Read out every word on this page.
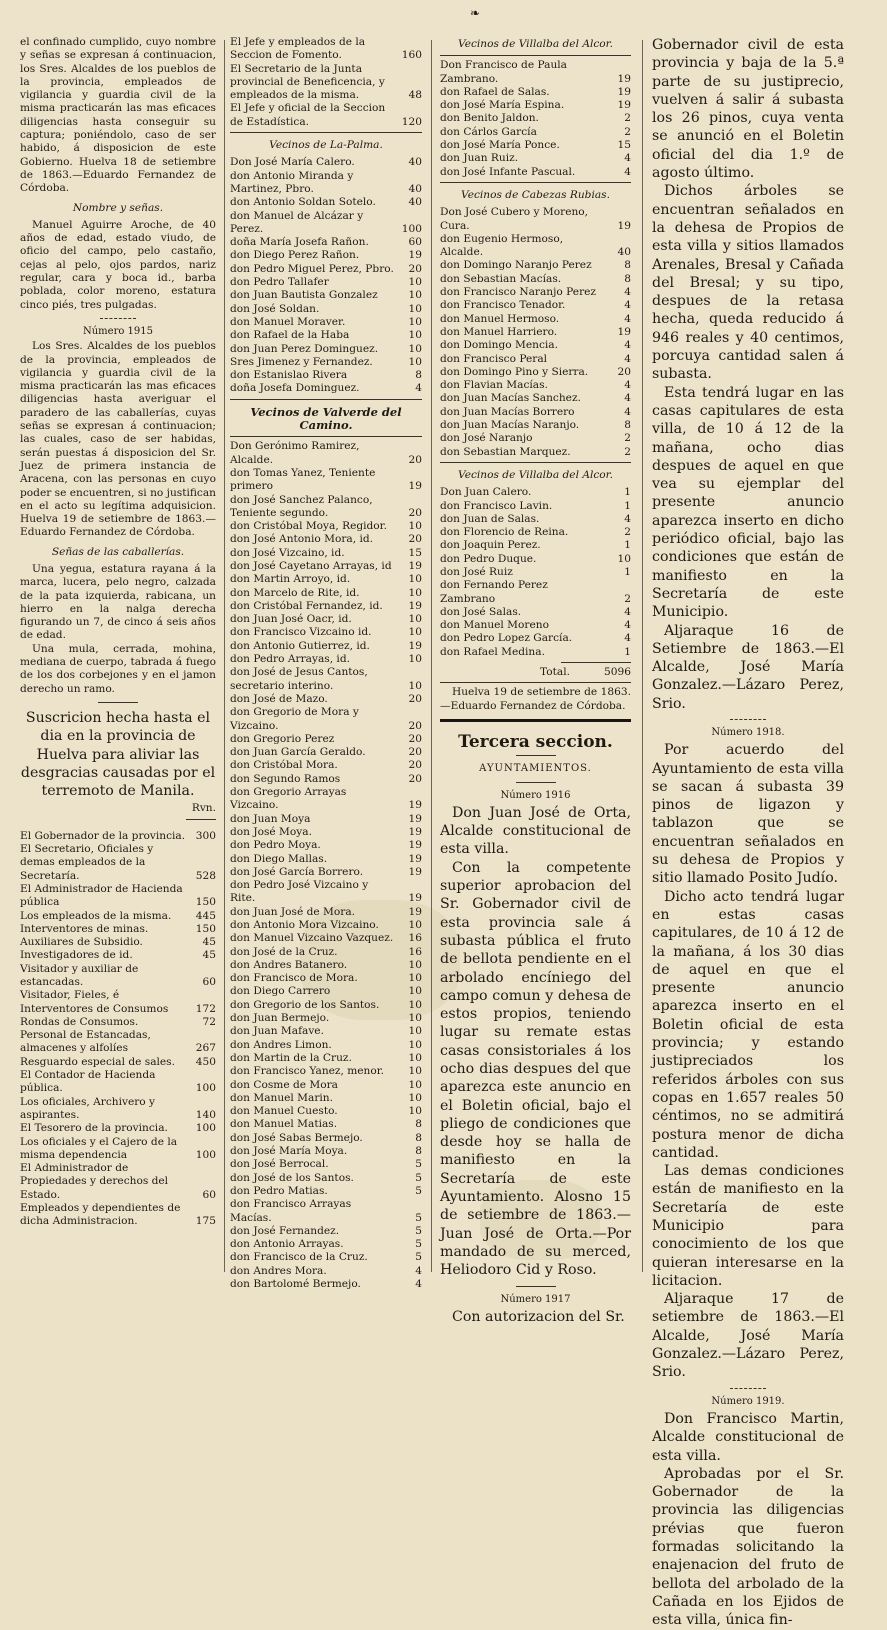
❧

el confinado cumplido, cuyo nombre y señas se expresan á continuacion, los Sres. Alcaldes de los pueblos de la provincia, empleados de vigilancia y guardia civil de la misma practicarán las mas eficaces diligencias hasta conseguir su captura; poniéndolo, caso de ser habido, á disposicion de este Gobierno. Huelva 18 de setiembre de 1863.—Eduardo Fernandez de Córdoba.

Nombre y señas.

Manuel Aguirre Aroche, de 40 años de edad, estado viudo, de oficio del campo, pelo castaño, cejas al pelo, ojos pardos, nariz regular, cara y boca id., barba poblada, color moreno, estatura cinco piés, tres pulgadas.

Número 1915

Los Sres. Alcaldes de los pueblos de la provincia, empleados de vigilancia y guardia civil de la misma practicarán las mas eficaces diligencias hasta averiguar el paradero de las caballerías, cuyas señas se expresan á continuacion; las cuales, caso de ser habidas, serán puestas á disposicion del Sr. Juez de primera instancia de Aracena, con las personas en cuyo poder se encuentren, si no justifican en el acto su legítima adquisicion. Huelva 19 de setiembre de 1863.—Eduardo Fernandez de Córdoba.

Señas de las caballerías.

Una yegua, estatura rayana á la marca, lucera, pelo negro, calzada de la pata izquierda, rabicana, un hierro en la nalga derecha figurando un 7, de cinco á seis años de edad.

Una mula, cerrada, mohina, mediana de cuerpo, tabrada á fuego de los dos corbejones y en el jamon derecho un ramo.

Suscricion hecha hasta el dia en la provincia de Huelva para aliviar las desgracias causadas por el terremoto de Manila.

Rvn.
El Gobernador de la provincia.	300
El Secretario, Oficiales y demas empleados de la Secretaría.	528
El Administrador de Hacienda pública	150
Los empleados de la misma.	445
Interventores de minas.	150
Auxiliares de Subsidio.	45
Investigadores de id.	45
Visitador y auxiliar de estancadas.	60
Visitador, Fieles, é Interventores de Consumos	172
Rondas de Consumos.	72
Personal de Estancadas, almacenes y alfolíes	267
Resguardo especial de sales.	450
El Contador de Hacienda pública.	100
Los oficiales, Archivero y aspirantes.	140
El Tesorero de la provincia.	100
Los oficiales y el Cajero de la misma dependencia	100
El Administrador de Propiedades y derechos del Estado.	60
Empleados y dependientes de dicha Administracion.	175
El Jefe y empleados de la Seccion de Fomento.	160
El Secretario de la Junta provincial de Beneficencia, y empleados de la misma.	48
El Jefe y oficial de la Seccion de Estadística.	120
Vecinos de La-Palma.
Don José María Calero.	40
don Antonio Miranda y Martinez, Pbro.	40
don Antonio Soldan Sotelo.	40
don Manuel de Alcázar y Perez.	100
doña María Josefa Rañon.	60
don Diego Perez Rañon.	19
don Pedro Miguel Perez, Pbro.	20
don Pedro Tallafer	10
don Juan Bautista Gonzalez	10
don José Soldan.	10
don Manuel Moraver.	10
don Rafael de la Haba	10
don Juan Perez Dominguez.	10
Sres Jimenez y Fernandez.	10
don Estanislao Rivera	8
doña Josefa Dominguez.	4
Vecinos de Valverde del Camino.
Don Gerónimo Ramirez, Alcalde.	20
don Tomas Yanez, Teniente primero	19
don José Sanchez Palanco, Teniente segundo.	20
don Cristóbal Moya, Regidor.	10
don José Antonio Mora, id.	20
don José Vizcaino, id.	15
don José Cayetano Arrayas, id	19
don Martin Arroyo, id.	10
don Marcelo de Rite, id.	10
don Cristóbal Fernandez, id.	19
don Juan José Oacr, id.	10
don Francisco Vizcaino id.	10
don Antonio Gutierrez, id.	19
don Pedro Arrayas, id.	10
don José de Jesus Cantos, secretario interino.	10
don José de Mazo.	20
don Gregorio de Mora y Vizcaino.	20
don Gregorio Perez	20
don Juan García Geraldo.	20
don Cristóbal Mora.	20
don Segundo Ramos	20
don Gregorio Arrayas Vizcaino.	19
don Juan Moya	19
don José Moya.	19
don Pedro Moya.	19
don Diego Mallas.	19
don José García Borrero.	19
don Pedro José Vizcaino y Rite.	19
don Juan José de Mora.	19
don Antonio Mora Vizcaino.	10
don Manuel Vizcaino Vazquez.	16
don José de la Cruz.	16
don Andres Batanero.	10
don Francisco de Mora.	10
don Diego Carrero	10
don Gregorio de los Santos.	10
don Juan Bermejo.	10
don Juan Mafave.	10
don Andres Limon.	10
don Martin de la Cruz.	10
don Francisco Yanez, menor.	10
don Cosme de Mora	10
don Manuel Marin.	10
don Manuel Cuesto.	10
don Manuel Matias.	8
don José Sabas Bermejo.	8
don José María Moya.	8
don José Berrocal.	5
don José de los Santos.	5
don Pedro Matias.	5
don Francisco Arrayas Macías.	5
don José Fernandez.	5
don Antonio Arrayas.	5
don Francisco de la Cruz.	5
don Andres Mora.	4
don Bartolomé Bermejo.	4
Vecinos de Villalba del Alcor.
Don Francisco de Paula Zambrano.	19
don Rafael de Salas.	19
don José María Espina.	19
don Benito Jaldon.	2
don Cárlos García	2
don José María Ponce.	15
don Juan Ruiz.	4
don José Infante Pascual.	4
Vecinos de Cabezas Rubias.
Don José Cubero y Moreno, Cura.	19
don Eugenio Hermoso, Alcalde.	40
don Domingo Naranjo Perez	8
don Sebastian Macías.	8
don Francisco Naranjo Perez	4
don Francisco Tenador.	4
don Manuel Hermoso.	4
don Manuel Harriero.	19
don Domingo Mencia.	4
don Francisco Peral	4
don Domingo Pino y Sierra.	20
don Flavian Macías.	4
don Juan Macías Sanchez.	4
don Juan Macías Borrero	4
don Juan Macías Naranjo.	8
don José Naranjo	2
don Sebastian Marquez.	2
Vecinos de Villalba del Alcor.
Don Juan Calero.	1
don Francisco Lavin.	1
don Juan de Salas.	4
don Florencio de Reina.	2
don Joaquin Perez.	1
don Pedro Duque.	10
don José Ruiz	1
don Fernando Perez Zambrano	2
don José Salas.	4
don Manuel Moreno	4
don Pedro Lopez García.	4
don Rafael Medina.	1
Total.	5096

Huelva 19 de setiembre de 1863. —Eduardo Fernandez de Córdoba.

Tercera seccion.
AYUNTAMIENTOS.
Número 1916

Don Juan José de Orta, Alcalde constitucional de esta villa.

Con la competente superior aprobacion del Sr. Gobernador civil de esta provincia sale á subasta pública el fruto de bellota pendiente en el arbolado encíniego del campo comun y dehesa de estos propios, teniendo lugar su remate estas casas consistoriales á los ocho dias despues del que aparezca este anuncio en el Boletin oficial, bajo el pliego de condiciones que desde hoy se halla de manifiesto en la Secretaría de este Ayuntamiento. Alosno 15 de setiembre de 1863.—Juan José de Orta.—Por mandado de su merced, Heliodoro Cid y Roso.

Número 1917

Con autorizacion del Sr.

Gobernador civil de esta provincia y baja de la 5.ª parte de su justiprecio, vuelven á salir á subasta los 26 pinos, cuya venta se anunció en el Boletin oficial del dia 1.º de agosto último.

Dichos árboles se encuentran señalados en la dehesa de Propios de esta villa y sitios llamados Arenales, Bresal y Cañada del Bresal; y su tipo, despues de la retasa hecha, queda reducido á 946 reales y 40 centimos, porcuya cantidad salen á subasta.

Esta tendrá lugar en las casas capitulares de esta villa, de 10 á 12 de la mañana, ocho dias despues de aquel en que vea su ejemplar del presente anuncio aparezca inserto en dicho periódico oficial, bajo las condiciones que están de manifiesto en la Secretaría de este Municipio.

Aljaraque 16 de Setiembre de 1863.—El Alcalde, José María Gonzalez.—Lázaro Perez, Srio.

Número 1918.

Por acuerdo del Ayuntamiento de esta villa se sacan á subasta 39 pinos de ligazon y tablazon que se encuentran señalados en su dehesa de Propios y sitio llamado Posito Judío.

Dicho acto tendrá lugar en estas casas capitulares, de 10 á 12 de la mañana, á los 30 dias de aquel en que el presente anuncio aparezca inserto en el Boletin oficial de esta provincia; y estando justipreciados los referidos árboles con sus copas en 1.657 reales 50 céntimos, no se admitirá postura menor de dicha cantidad.

Las demas condiciones están de manifiesto en la Secretaría de este Municipio para conocimiento de los que quieran interesarse en la licitacion.

Aljaraque 17 de setiembre de 1863.—El Alcalde, José María Gonzalez.—Lázaro Perez, Srio.

Número 1919.

Don Francisco Martin, Alcalde constitucional de esta villa.

Aprobadas por el Sr. Gobernador de la provincia las diligencias prévias que fueron formadas solicitando la enajenacion del fruto de bellota del arbolado de la Cañada en los Ejidos de esta villa, única fin-
